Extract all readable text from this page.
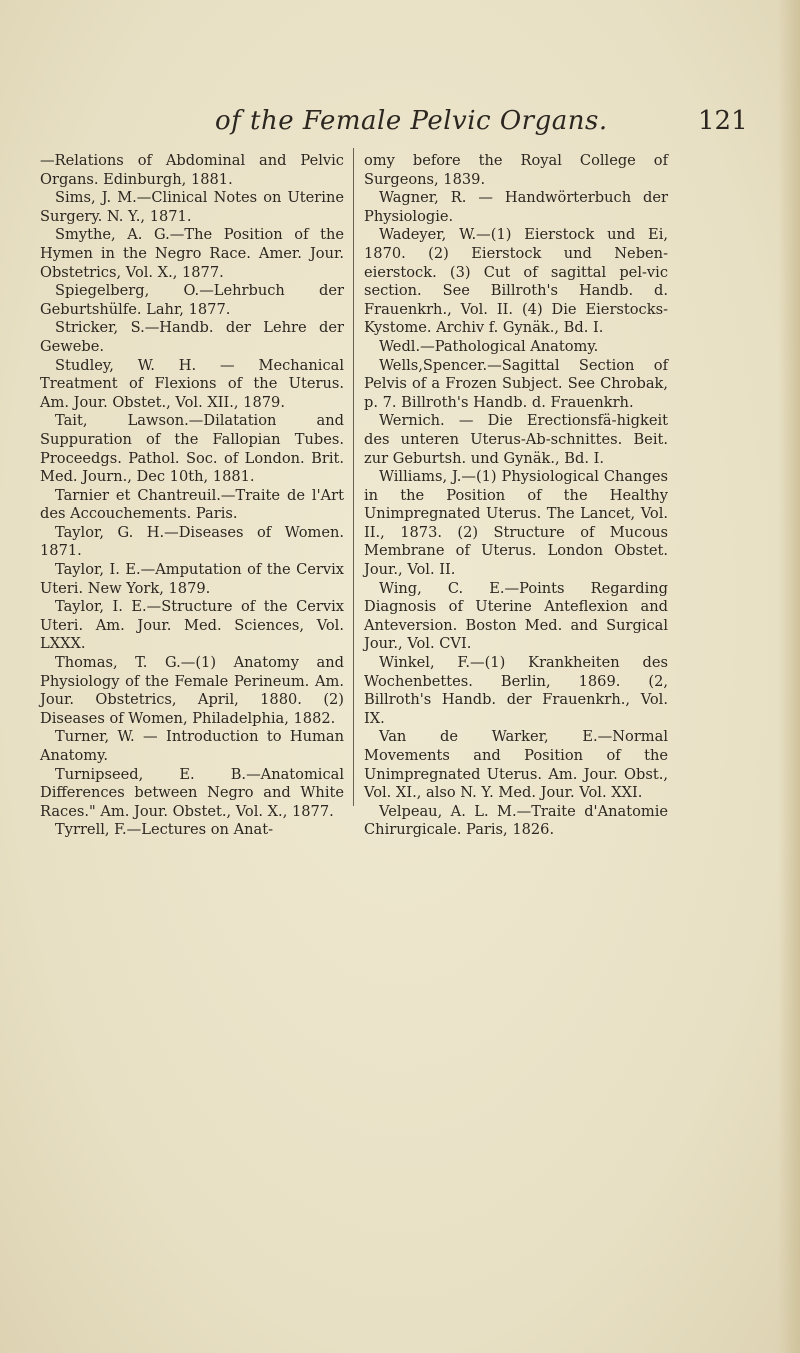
of the Female Pelvic Organs.	121

—Relations of Abdominal and Pelvic Organs. Edinburgh, 1881.

Sims, J. M.—Clinical Notes on Uterine Surgery. N. Y., 1871.

Smythe, A. G.—The Position of the Hymen in the Negro Race. Amer. Jour. Obstetrics, Vol. X., 1877.

Spiegelberg, O.—Lehrbuch der Geburtshülfe. Lahr, 1877.

Stricker, S.—Handb. der Lehre der Gewebe.

Studley, W. H. — Mechanical Treatment of Flexions of the Uterus. Am. Jour. Obstet., Vol. XII., 1879.

Tait, Lawson.—Dilatation and Suppuration of the Fallopian Tubes. Proceedgs. Pathol. Soc. of London. Brit. Med. Journ., Dec 10th, 1881.

Tarnier et Chantreuil.—Traite de l'Art des Accouchements. Paris.

Taylor, G. H.—Diseases of Women. 1871.

Taylor, I. E.—Amputation of the Cervix Uteri. New York, 1879.

Taylor, I. E.—Structure of the Cervix Uteri. Am. Jour. Med. Sciences, Vol. LXXX.

Thomas, T. G.—(1) Anatomy and Physiology of the Female Perineum. Am. Jour. Obstetrics, April, 1880. (2) Diseases of Women, Philadelphia, 1882.

Turner, W. — Introduction to Human Anatomy.

Turnipseed, E. B.—Anatomical Differences between Negro and White Races." Am. Jour. Obstet., Vol. X., 1877.

Tyrrell, F.—Lectures on Anat-

omy before the Royal College of Surgeons, 1839.

Wagner, R. — Handwörterbuch der Physiologie.

Wadeyer, W.—(1) Eierstock und Ei, 1870. (2) Eierstock und Neben-eierstock. (3) Cut of sagittal pel-vic section. See Billroth's Handb. d. Frauenkrh., Vol. II. (4) Die Eierstocks-Kystome. Archiv f. Gynäk., Bd. I.

Wedl.—Pathological Anatomy.

Wells,Spencer.—Sagittal Section of Pelvis of a Frozen Subject. See Chrobak, p. 7. Billroth's Handb. d. Frauenkrh.

Wernich. — Die Erectionsfä-higkeit des unteren Uterus-Ab-schnittes. Beit. zur Geburtsh. und Gynäk., Bd. I.

Williams, J.—(1) Physiological Changes in the Position of the Healthy Unimpregnated Uterus. The Lancet, Vol. II., 1873. (2) Structure of Mucous Membrane of Uterus. London Obstet. Jour., Vol. II.

Wing, C. E.—Points Regarding Diagnosis of Uterine Anteflexion and Anteversion. Boston Med. and Surgical Jour., Vol. CVI.

Winkel, F.—(1) Krankheiten des Wochenbettes. Berlin, 1869. (2, Billroth's Handb. der Frauenkrh., Vol. IX.

Van de Warker, E.—Normal Movements and Position of the Unimpregnated Uterus. Am. Jour. Obst., Vol. XI., also N. Y. Med. Jour. Vol. XXI.

Velpeau, A. L. M.—Traite d'Anatomie Chirurgicale. Paris, 1826.
